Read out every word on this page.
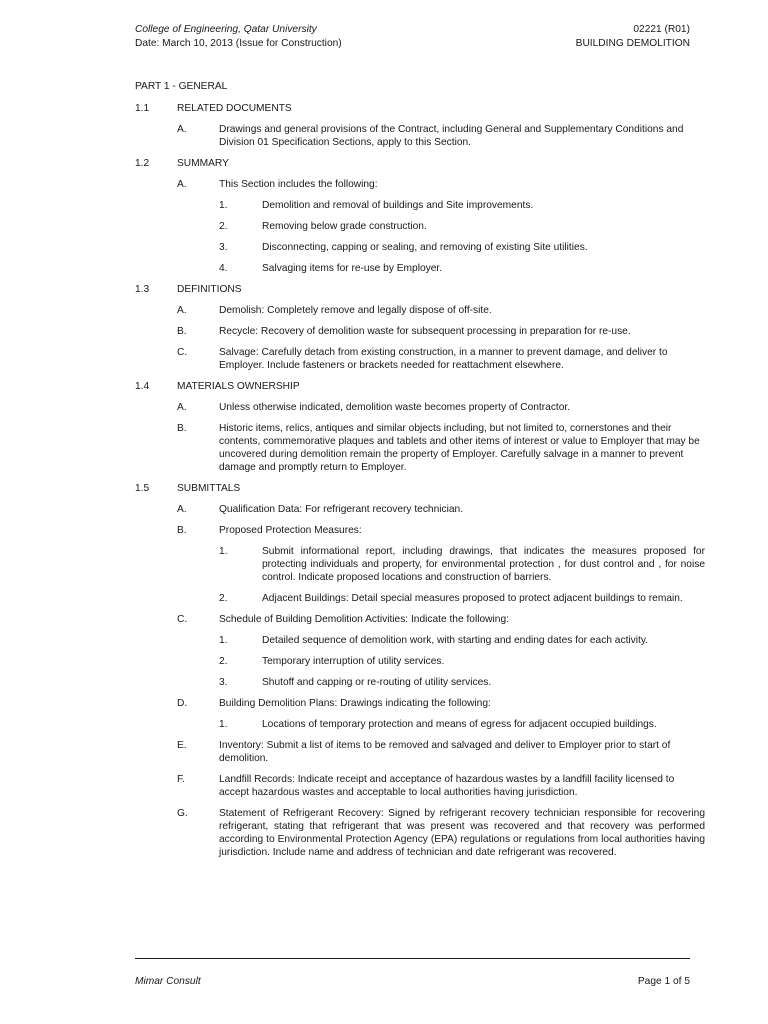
College of Engineering, Qatar University	02221 (R01)
Date: March 10, 2013 (Issue for Construction)	BUILDING DEMOLITION
PART 1 - GENERAL
1.1	RELATED DOCUMENTS
A.	Drawings and general provisions of the Contract, including General and Supplementary Conditions and Division 01 Specification Sections, apply to this Section.
1.2	SUMMARY
A.	This Section includes the following:
1.	Demolition and removal of buildings and Site improvements.
2.	Removing below grade construction.
3.	Disconnecting, capping or sealing, and removing of existing Site utilities.
4.	Salvaging items for re-use by Employer.
1.3	DEFINITIONS
A.	Demolish: Completely remove and legally dispose of off-site.
B.	Recycle: Recovery of demolition waste for subsequent processing in preparation for re-use.
C.	Salvage: Carefully detach from existing construction, in a manner to prevent damage, and deliver to Employer. Include fasteners or brackets needed for reattachment elsewhere.
1.4	MATERIALS OWNERSHIP
A.	Unless otherwise indicated, demolition waste becomes property of Contractor.
B.	Historic items, relics, antiques and similar objects including, but not limited to, cornerstones and their contents, commemorative plaques and tablets and other items of interest or value to Employer that may be uncovered during demolition remain the property of Employer. Carefully salvage in a manner to prevent damage and promptly return to Employer.
1.5	SUBMITTALS
A.	Qualification Data: For refrigerant recovery technician.
B.	Proposed Protection Measures:
1.	Submit informational report, including drawings, that indicates the measures proposed for protecting individuals and property, for environmental protection , for dust control and , for noise control. Indicate proposed locations and construction of barriers.
2.	Adjacent Buildings: Detail special measures proposed to protect adjacent buildings to remain.
C.	Schedule of Building Demolition Activities: Indicate the following:
1.	Detailed sequence of demolition work, with starting and ending dates for each activity.
2.	Temporary interruption of utility services.
3.	Shutoff and capping or re-routing of utility services.
D.	Building Demolition Plans: Drawings indicating the following:
1.	Locations of temporary protection and means of egress for adjacent occupied buildings.
E.	Inventory: Submit a list of items to be removed and salvaged and deliver to Employer prior to start of demolition.
F.	Landfill Records: Indicate receipt and acceptance of hazardous wastes by a landfill facility licensed to accept hazardous wastes and acceptable to local authorities having jurisdiction.
G.	Statement of Refrigerant Recovery: Signed by refrigerant recovery technician responsible for recovering refrigerant, stating that refrigerant that was present was recovered and that recovery was performed according to Environmental Protection Agency (EPA) regulations or regulations from local authorities having jurisdiction. Include name and address of technician and date refrigerant was recovered.
Mimar Consult	Page 1 of 5
